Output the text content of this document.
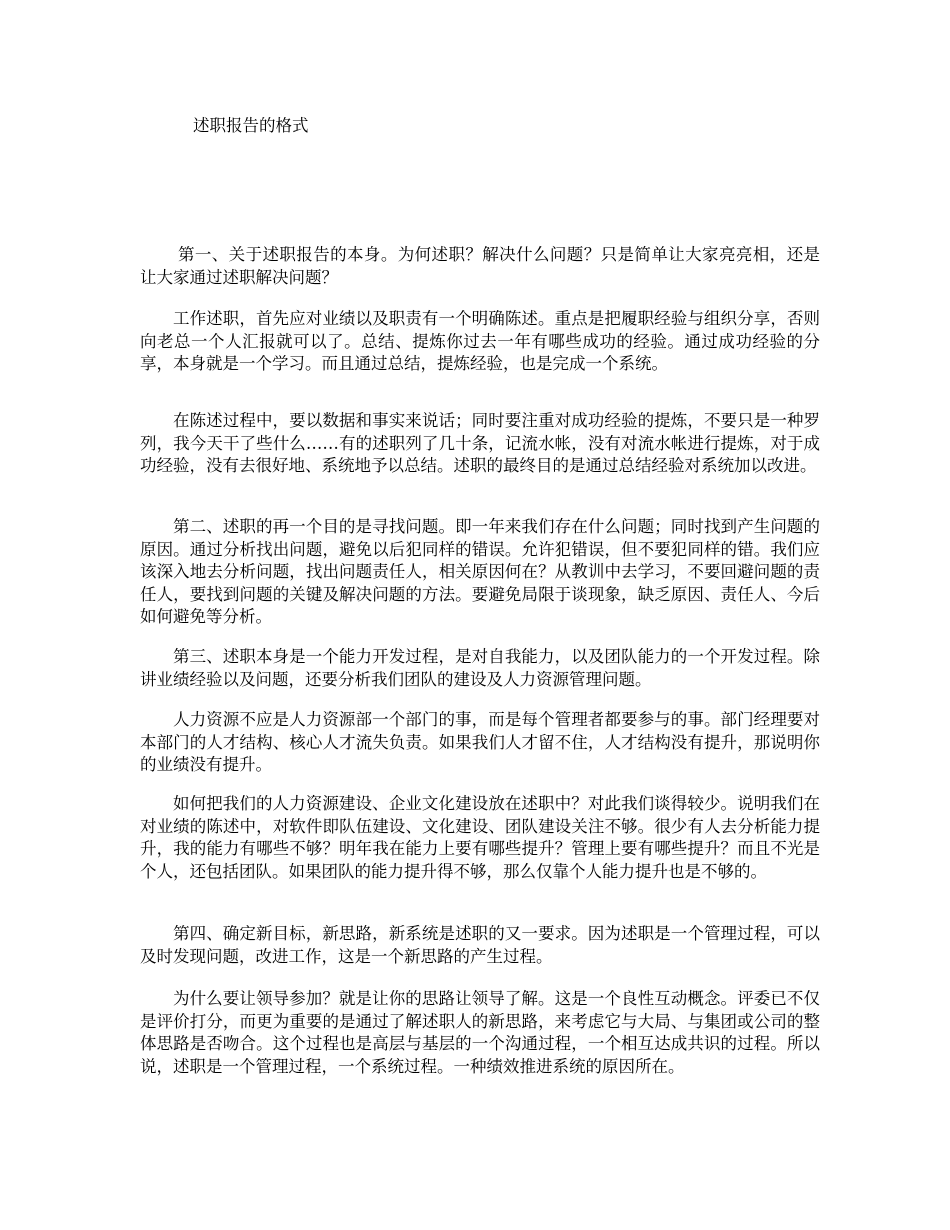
述职报告的格式

第一、关于述职报告的本身。为何述职？解决什么问题？只是简单让大家亮亮相，还是让大家通过述职解决问题？

工作述职，首先应对业绩以及职责有一个明确陈述。重点是把履职经验与组织分享，否则向老总一个人汇报就可以了。总结、提炼你过去一年有哪些成功的经验。通过成功经验的分享，本身就是一个学习。而且通过总结，提炼经验，也是完成一个系统。

在陈述过程中，要以数据和事实来说话；同时要注重对成功经验的提炼，不要只是一种罗列，我今天干了些什么……有的述职列了几十条，记流水帐，没有对流水帐进行提炼，对于成功经验，没有去很好地、系统地予以总结。述职的最终目的是通过总结经验对系统加以改进。

第二、述职的再一个目的是寻找问题。即一年来我们存在什么问题；同时找到产生问题的原因。通过分析找出问题，避免以后犯同样的错误。允许犯错误，但不要犯同样的错。我们应该深入地去分析问题，找出问题责任人，相关原因何在？从教训中去学习，不要回避问题的责任人，要找到问题的关键及解决问题的方法。要避免局限于谈现象，缺乏原因、责任人、今后如何避免等分析。

第三、述职本身是一个能力开发过程，是对自我能力，以及团队能力的一个开发过程。除讲业绩经验以及问题，还要分析我们团队的建设及人力资源管理问题。

人力资源不应是人力资源部一个部门的事，而是每个管理者都要参与的事。部门经理要对本部门的人才结构、核心人才流失负责。如果我们人才留不住，人才结构没有提升，那说明你的业绩没有提升。

如何把我们的人力资源建设、企业文化建设放在述职中？对此我们谈得较少。说明我们在对业绩的陈述中，对软件即队伍建设、文化建设、团队建设关注不够。很少有人去分析能力提升，我的能力有哪些不够？明年我在能力上要有哪些提升？管理上要有哪些提升？而且不光是个人，还包括团队。如果团队的能力提升得不够，那么仅靠个人能力提升也是不够的。

第四、确定新目标，新思路，新系统是述职的又一要求。因为述职是一个管理过程，可以及时发现问题，改进工作，这是一个新思路的产生过程。

为什么要让领导参加？就是让你的思路让领导了解。这是一个良性互动概念。评委已不仅是评价打分，而更为重要的是通过了解述职人的新思路，来考虑它与大局、与集团或公司的整体思路是否吻合。这个过程也是高层与基层的一个沟通过程，一个相互达成共识的过程。所以说，述职是一个管理过程，一个系统过程。一种绩效推进系统的原因所在。
